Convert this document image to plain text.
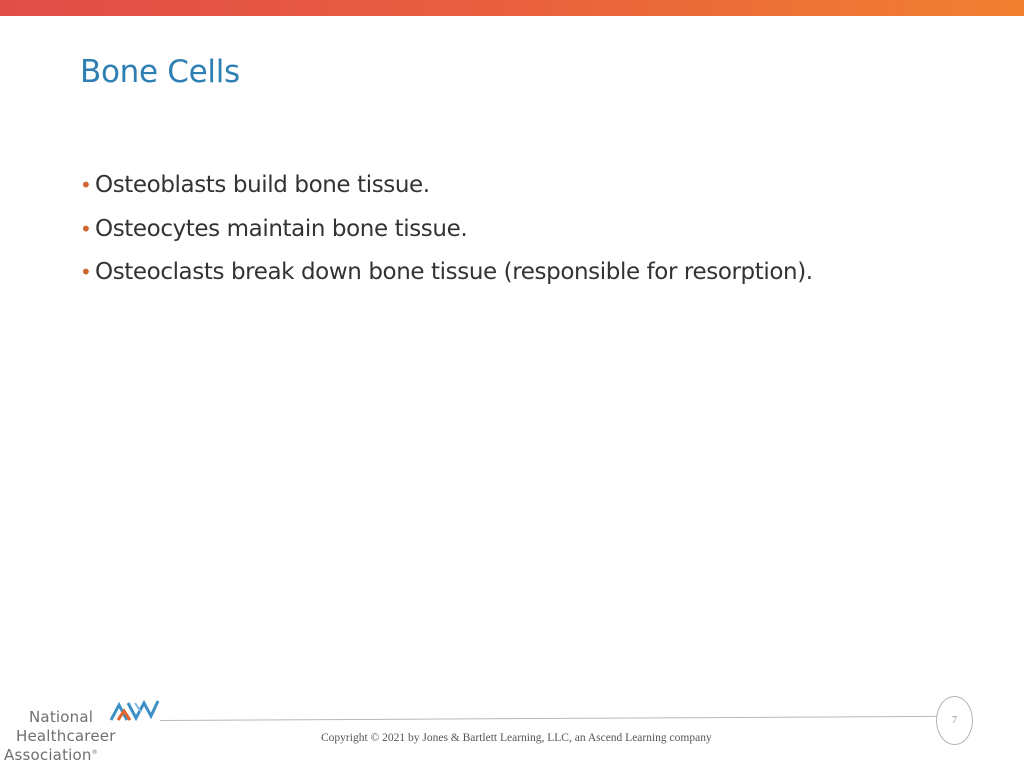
Bone Cells
• Osteoblasts build bone tissue.
• Osteocytes maintain bone tissue.
• Osteoclasts break down bone tissue (responsible for resorption).
National
Healthcareer
Association®
7
Copyright © 2021 by Jones & Bartlett Learning, LLC, an Ascend Learning company
